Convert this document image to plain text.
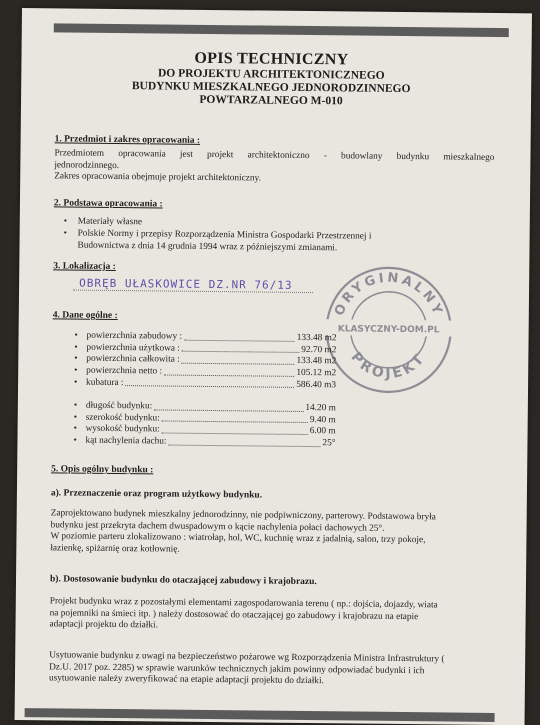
OPIS TECHNICZNY
DO PROJEKTU ARCHITEKTONICZNEGO
BUDYNKU MIESZKALNEGO JEDNORODZINNEGO
POWTARZALNEGO M-010
1. Przedmiot i zakres opracowania :
Przedmiotem opracowania jest projekt architektoniczno - budowlany budynku mieszkalnego
jednorodzinnego.
Zakres opracowania obejmuje projekt architektoniczny.
2. Podstawa opracowania :
• Materiały własne
• Polskie Normy i przepisy Rozporządzenia Ministra Gospodarki Przestrzennej i
Budownictwa z dnia 14 grudnia 1994 wraz z późniejszymi zmianami.
3. Lokalizacja :
OBRĘB UŁASKOWICE DZ.NR 76/13
ORYGINALNY
KLASYCZNY-DOM.PL
PROJEKT
4. Dane ogólne :
• powierzchnia zabudowy :	133.48 m2
• powierzchnia użytkowa :	92.70 m2
• powierzchnia całkowita :	133.48 m2
• powierzchnia netto :	105.12 m2
• kubatura :	586.40 m3
• długość budynku:	14.20 m
• szerokość budynku:	9.40 m
• wysokość budynku:	6.00 m
• kąt nachylenia dachu:	25°
5. Opis ogólny budynku :
a). Przeznaczenie oraz program użytkowy budynku.
Zaprojektowano budynek mieszkalny jednorodzinny, nie podpiwniczony, parterowy. Podstawowa bryła
budynku jest przekryta dachem dwuspadowym o kącie nachylenia połaci dachowych 25°.
W poziomie parteru zlokalizowano : wiatrołap, hol, WC, kuchnię wraz z jadalnią, salon, trzy pokoje,
łazienkę, spiżarnię oraz kotłownię.
b). Dostosowanie budynku do otaczającej zabudowy i krajobrazu.
Projekt budynku wraz z pozostałymi elementami zagospodarowania terenu ( np.: dojścia, dojazdy, wiata
na pojemniki na śmieci itp. ) należy dostosować do otaczającej go zabudowy i krajobrazu na etapie
adaptacji projektu do działki.
Usytuowanie budynku z uwagi na bezpieczeństwo pożarowe wg Rozporządzenia Ministra Infrastruktury (
Dz.U. 2017 poz. 2285) w sprawie warunków technicznych jakim powinny odpowiadać budynki i ich
usytuowanie należy zweryfikować na etapie adaptacji projektu do działki.
